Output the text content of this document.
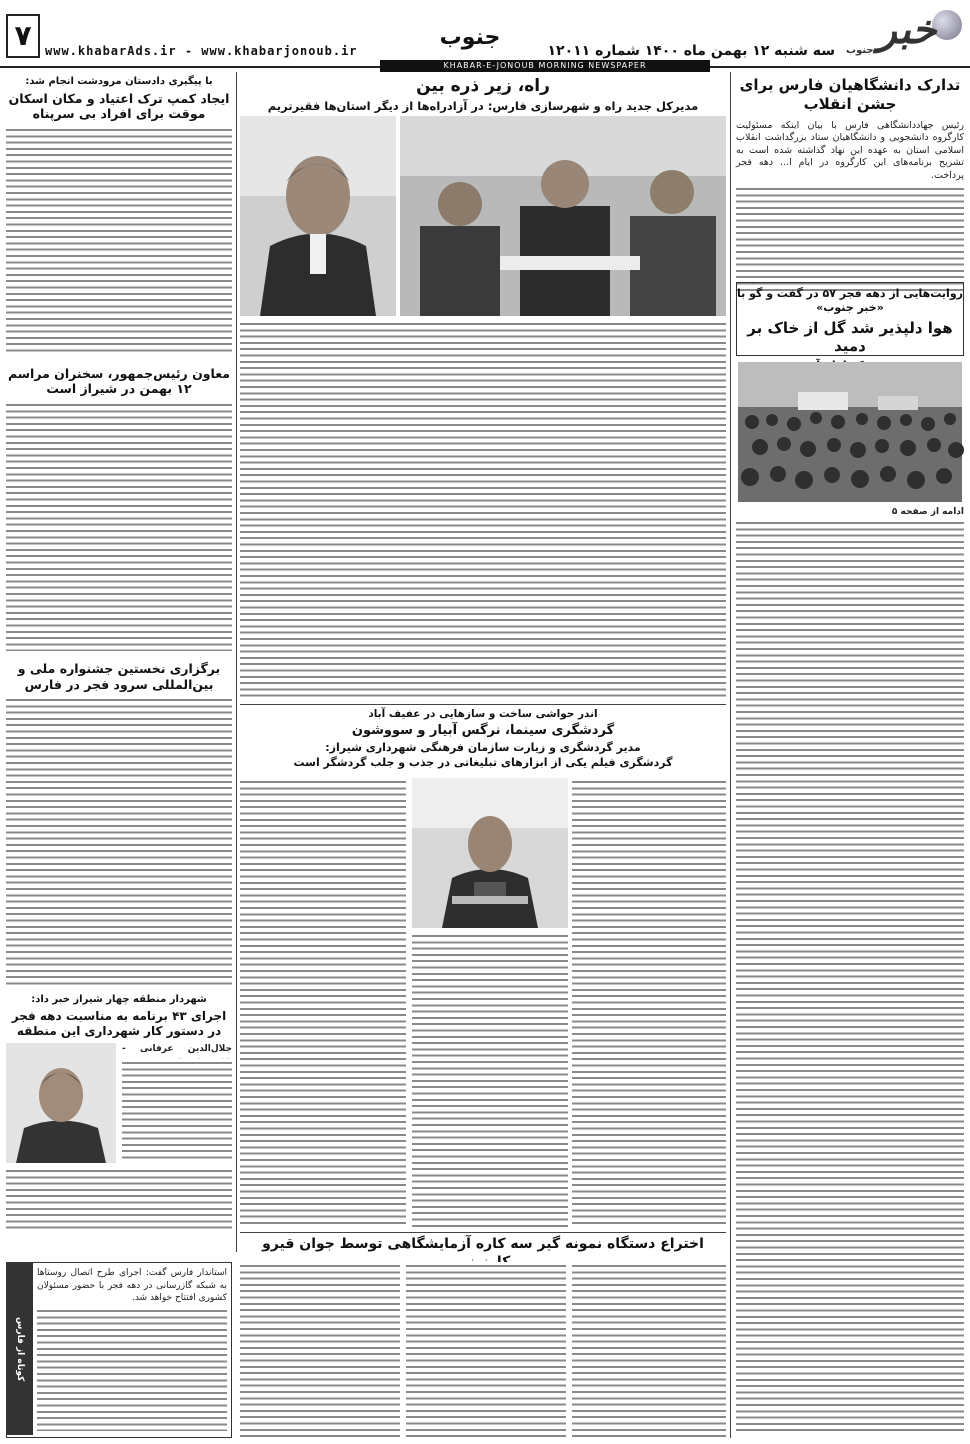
خبر
جنوب
سه شنبه ۱۲ بهمن ماه ۱۴۰۰ شماره ۱۲۰۱۱
جنوب
www.khabarAds.ir - www.khabarjonoub.ir
۷
KHABAR-E-JONOUB MORNING NEWSPAPER
تدارک دانشگاهیان فارس برای جشن انقلاب
رئیس جهاددانشگاهی فارس با بیان اینکه مسئولیت کارگروه دانشجویی و دانشگاهیان ستاد بزرگداشت انقلاب اسلامی استان به عهده این نهاد گذاشته شده است به تشریح برنامه‌های این کارگروه در ایام ا... دهه فجر پرداخت.
روایت‌هایی از دهه فجر ۵۷ در گفت و گو با «خبر جنوب»
هوا دلپذیر شد گل از خاک بر دمید
ادامه از صفحه ۵
راه، زیر ذره بین
مدیرکل جدید راه و شهرسازی فارس: در آزادراه‌ها از دیگر استان‌ها فقیرتریم
با پیگیری دادستان مرودشت انجام شد:
ایجاد کمپ ترک اعتیاد و مکان اسکان موقت برای افراد بی سرپناه
معاون رئیس‌جمهور، سخنران مراسم ۱۲ بهمن در شیراز است
برگزاری نخستین جشنواره ملی و بین‌المللی سرود فجر در فارس
شهردار منطقه چهار شیراز خبر داد:
اجرای ۴۳ برنامه به مناسبت دهه فجر در دستور کار شهرداری این منطقه
جلال‌الدین عرفانی -
کوتاه از فارس
استاندار فارس گفت: اجرای طرح اتصال روستاها به شبکه گازرسانی در دهه فجر با حضور مسئولان کشوری افتتاح خواهد شد.
اندر حواشی ساخت و سازهایی در عفیف آباد
گردشگری سینما، نرگس آبیار و سووشون
مدیر گردشگری و زیارت سازمان فرهنگی شهرداری شیراز:
گردشگری فیلم یکی از ابزارهای تبلیغاتی در جذب و جلب گردشگر است
اختراع دستگاه نمونه گیر سه کاره آزمایشگاهی توسط جوان قیرو
